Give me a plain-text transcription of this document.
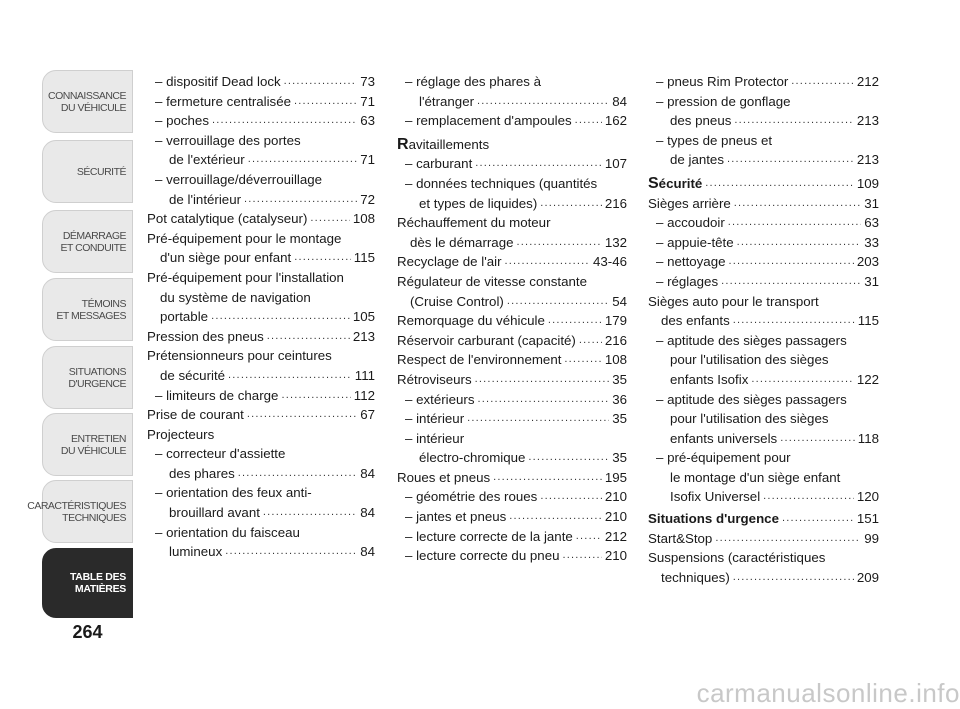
CONNAISSANCE
DU VÉHICULE
SÉCURITÉ
DÉMARRAGE
ET CONDUITE
TÉMOINS
ET MESSAGES
SITUATIONS
D'URGENCE
ENTRETIEN
DU VÉHICULE
CARACTÉRISTIQUES
TECHNIQUES
TABLE DES
MATIÈRES
264
– dispositif Dead lock .....	73
– fermeture centralisée .....	71
– poches .....	63
– verrouillage des portes
de l'extérieur .....	71
– verrouillage/déverrouillage
de l'intérieur .....	72
Pot catalytique (catalyseur) .....	108
Pré-équipement pour le montage
d'un siège pour enfant .....	115
Pré-équipement pour l'installation
du système de navigation
portable .....	105
Pression des pneus .....	213
Prétensionneurs pour ceintures
de sécurité .....	111
– limiteurs de charge .....	112
Prise de courant .....	67
Projecteurs
– correcteur d'assiette
des phares .....	84
– orientation des feux anti-
brouillard avant .....	84
– orientation du faisceau
lumineux .....	84
– réglage des phares à
l'étranger .....	84
– remplacement d'ampoules ..... 162
Ravitaillements
– carburant .....	107
– données techniques (quantités
et types de liquides) .....	216
Réchauffement du moteur
dès le démarrage .....	132
Recyclage de l'air .....	43-46
Régulateur de vitesse constante
(Cruise Control) .....	54
Remorquage du véhicule .....	179
Réservoir carburant (capacité) ..... 216
Respect de l'environnement .....	108
Rétroviseurs .....	35
– extérieurs .....	36
– intérieur .....	35
– intérieur
électro-chromique .....	35
Roues et pneus .....	195
– géométrie des roues .....	210
– jantes et pneus .....	210
– lecture correcte de la jante ..... 212
– lecture correcte du pneu .....	210
– pneus Rim Protector .....	212
– pression de gonflage
des pneus .....	213
– types de pneus et
de jantes .....	213
Sécurité .....	109
Sièges arrière .....	31
– accoudoir .....	63
– appuie-tête .....	33
– nettoyage .....	203
– réglages .....	31
Sièges auto pour le transport
des enfants .....	115
– aptitude des sièges passagers
pour l'utilisation des sièges
enfants Isofix .....	122
– aptitude des sièges passagers
pour l'utilisation des sièges
enfants universels .....	118
– pré-équipement pour
le montage d'un siège enfant
Isofix Universel .....	120
Situations d'urgence .....	151
Start&Stop .....	99
Suspensions (caractéristiques
techniques) .....	209
carmanualsonline.info
